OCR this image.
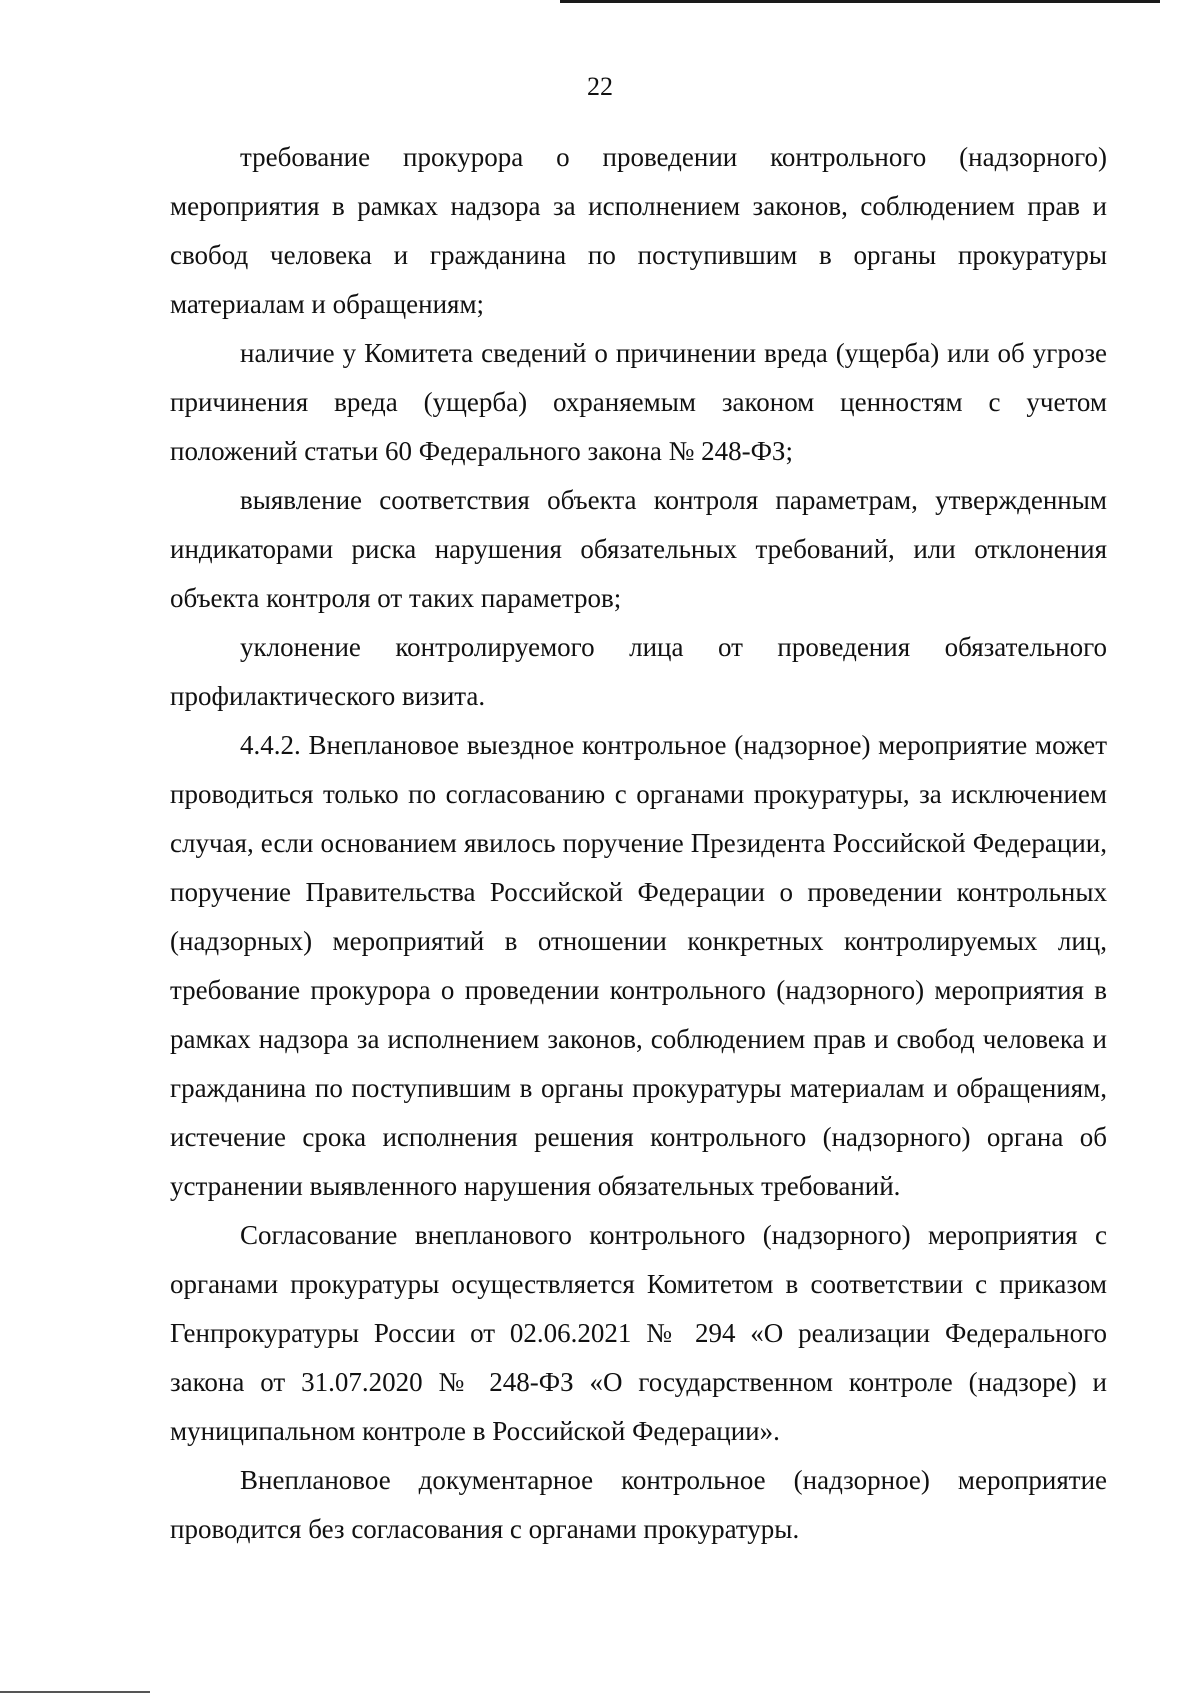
22

требование прокурора о проведении контрольного (надзорного) мероприятия в рамках надзора за исполнением законов, соблюдением прав и свобод человека и гражданина по поступившим в органы прокуратуры материалам и обращениям;

наличие у Комитета сведений о причинении вреда (ущерба) или об угрозе причинения вреда (ущерба) охраняемым законом ценностям с учетом положений статьи 60 Федерального закона № 248-ФЗ;

выявление соответствия объекта контроля параметрам, утвержденным индикаторами риска нарушения обязательных требований, или отклонения объекта контроля от таких параметров;

уклонение контролируемого лица от проведения обязательного профилактического визита.

4.4.2. Внеплановое выездное контрольное (надзорное) мероприятие может проводиться только по согласованию с органами прокуратуры, за исключением случая, если основанием явилось поручение Президента Российской Федерации, поручение Правительства Российской Федерации о проведении контрольных (надзорных) мероприятий в отношении конкретных контролируемых лиц, требование прокурора о проведении контрольного (надзорного) мероприятия в рамках надзора за исполнением законов, соблюдением прав и свобод человека и гражданина по поступившим в органы прокуратуры материалам и обращениям, истечение срока исполнения решения контрольного (надзорного) органа об устранении выявленного нарушения обязательных требований.

Согласование внепланового контрольного (надзорного) мероприятия с органами прокуратуры осуществляется Комитетом в соответствии с приказом Генпрокуратуры России от 02.06.2021 № 294 «О реализации Федерального закона от 31.07.2020 № 248-ФЗ «О государственном контроле (надзоре) и муниципальном контроле в Российской Федерации».

Внеплановое документарное контрольное (надзорное) мероприятие проводится без согласования с органами прокуратуры.
